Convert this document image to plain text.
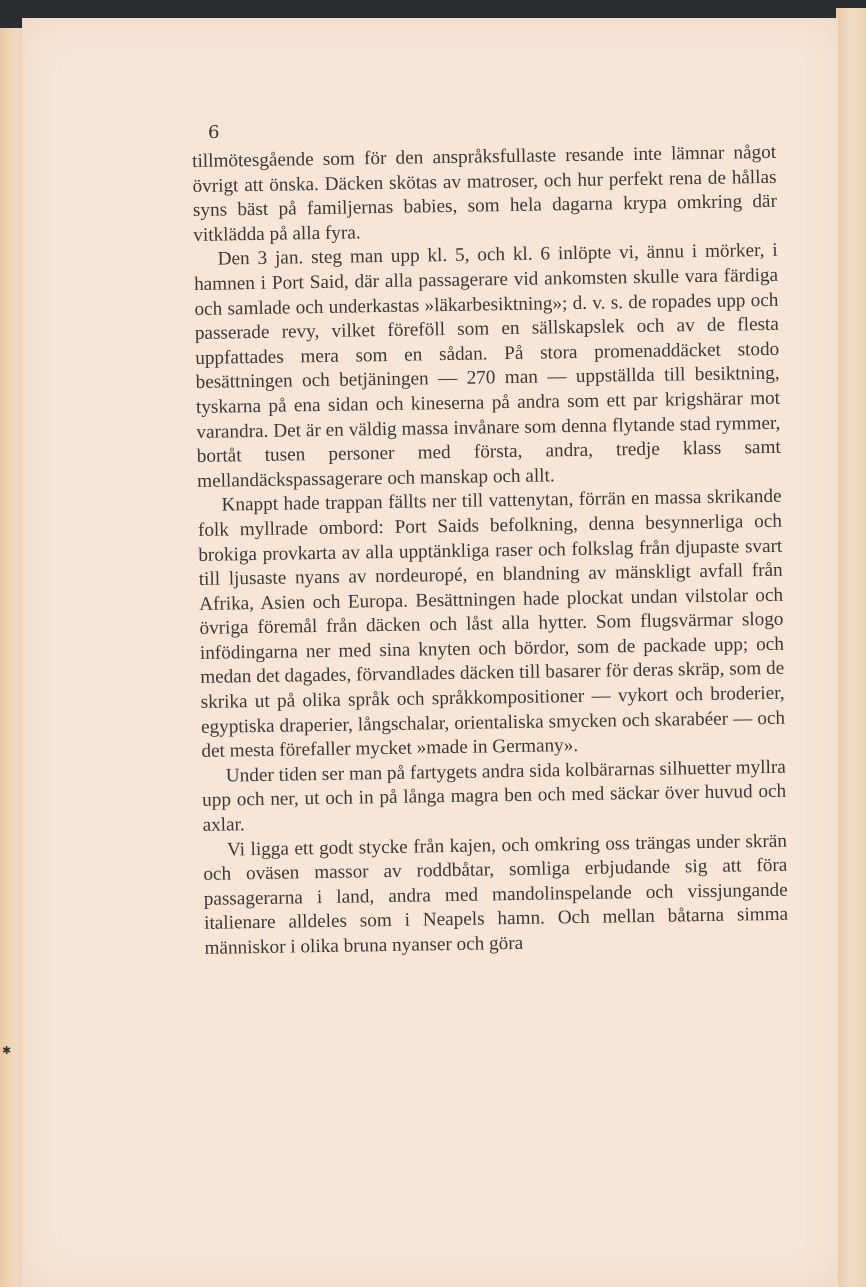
6

tillmötesgående som för den anspråksfullaste resande inte lämnar något övrigt att önska. Däcken skötas av matroser, och hur perfekt rena de hållas syns bäst på familjernas babies, som hela dagarna krypa omkring där vitklädda på alla fyra.

Den 3 jan. steg man upp kl. 5, och kl. 6 inlöpte vi, ännu i mörker, i hamnen i Port Said, där alla passagerare vid ankomsten skulle vara färdiga och samlade och underkastas »läkarbesiktning»; d. v. s. de ropades upp och passerade revy, vilket föreföll som en sällskapslek och av de flesta uppfattades mera som en sådan. På stora promenaddäcket stodo besättningen och betjäningen — 270 man — uppställda till besiktning, tyskarna på ena sidan och kineserna på andra som ett par krigshärar mot varandra. Det är en väldig massa invånare som denna flytande stad rymmer, bortåt tusen personer med första, andra, tredje klass samt mellandäckspassagerare och manskap och allt.

Knappt hade trappan fällts ner till vattenytan, förrän en massa skrikande folk myllrade ombord: Port Saids befolkning, denna besynnerliga och brokiga provkarta av alla upptänkliga raser och folkslag från djupaste svart till ljusaste nyans av nordeuropé, en blandning av mänskligt avfall från Afrika, Asien och Europa. Besättningen hade plockat undan vilstolar och övriga föremål från däcken och låst alla hytter. Som flugsvärmar slogo infödingarna ner med sina knyten och bördor, som de packade upp; och medan det dagades, förvandlades däcken till basarer för deras skräp, som de skrika ut på olika språk och språkkompositioner — vykort och broderier, egyptiska draperier, långschalar, orientaliska smycken och skarabéer — och det mesta förefaller mycket »made in Germany».

Under tiden ser man på fartygets andra sida kolbärarnas silhuetter myllra upp och ner, ut och in på långa magra ben och med säckar över huvud och axlar.

Vi ligga ett godt stycke från kajen, och omkring oss trängas under skrän och oväsen massor av roddbåtar, somliga erbjudande sig att föra passagerarna i land, andra med mandolinspelande och vissjungande italienare alldeles som i Neapels hamn. Och mellan båtarna simma människor i olika bruna nyanser och göra

✱
